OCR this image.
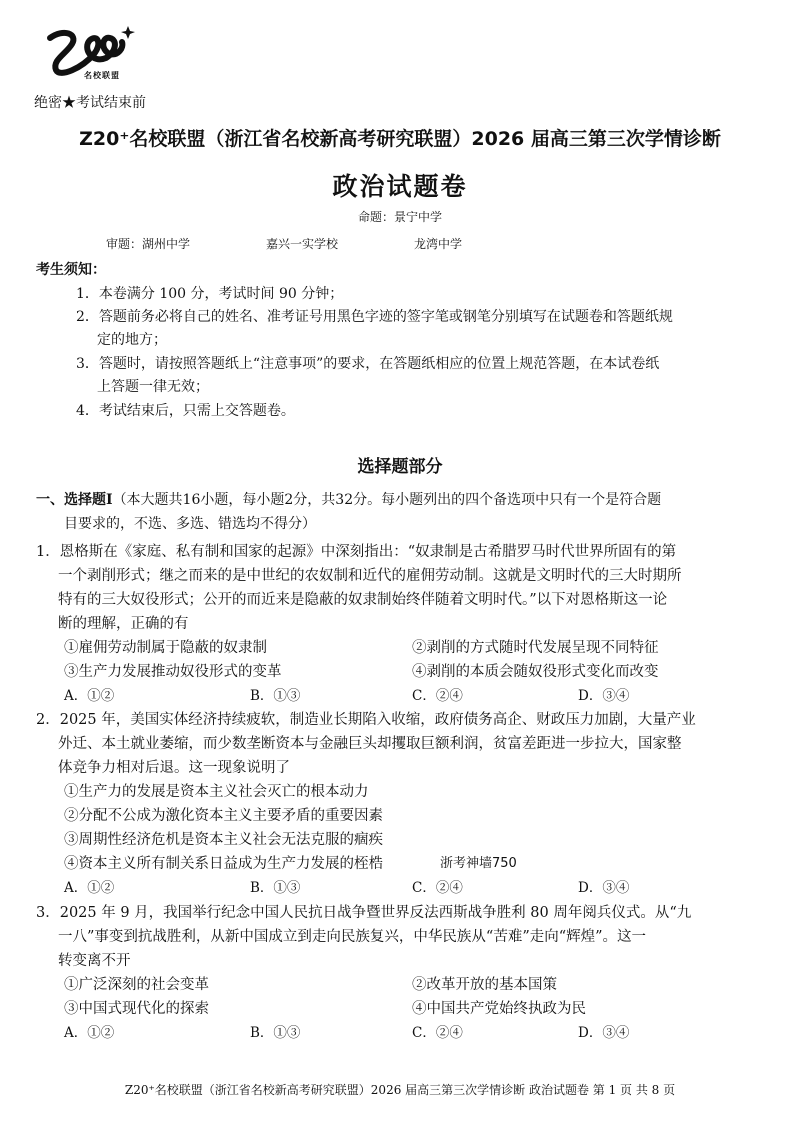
名校联盟
绝密★考试结束前
Z20⁺名校联盟（浙江省名校新高考研究联盟）2026 届高三第三次学情诊断
政治试题卷
命题：景宁中学
审题：湖州中学	嘉兴一实学校	龙湾中学
考生须知：
1．本卷满分 100 分，考试时间 90 分钟；
2．答题前务必将自己的姓名、准考证号用黑色字迹的签字笔或钢笔分别填写在试题卷和答题纸规
定的地方；
3．答题时，请按照答题纸上“注意事项”的要求，在答题纸相应的位置上规范答题，在本试卷纸
上答题一律无效；
4．考试结束后，只需上交答题卷。
选择题部分
一、选择题Ⅰ（本大题共16小题，每小题2分，共32分。每小题列出的四个备选项中只有一个是符合题
目要求的，不选、多选、错选均不得分）
1．恩格斯在《家庭、私有制和国家的起源》中深刻指出：“奴隶制是古希腊罗马时代世界所固有的第
一个剥削形式；继之而来的是中世纪的农奴制和近代的雇佣劳动制。这就是文明时代的三大时期所
特有的三大奴役形式；公开的而近来是隐蔽的奴隶制始终伴随着文明时代。”以下对恩格斯这一论
断的理解，正确的有
①雇佣劳动制属于隐蔽的奴隶制	②剥削的方式随时代发展呈现不同特征
③生产力发展推动奴役形式的变革	④剥削的本质会随奴役形式变化而改变
A．①②	B．①③	C．②④	D．③④
2．2025 年，美国实体经济持续疲软，制造业长期陷入收缩，政府债务高企、财政压力加剧，大量产业
外迁、本土就业萎缩，而少数垄断资本与金融巨头却攫取巨额利润，贫富差距进一步拉大，国家整
体竞争力相对后退。这一现象说明了
①生产力的发展是资本主义社会灭亡的根本动力
②分配不公成为激化资本主义主要矛盾的重要因素
③周期性经济危机是资本主义社会无法克服的痼疾
④资本主义所有制关系日益成为生产力发展的桎梏	浙考神墙750
A．①②	B．①③	C．②④	D．③④
3．2025 年 9 月，我国举行纪念中国人民抗日战争暨世界反法西斯战争胜利 80 周年阅兵仪式。从“九
一八”事变到抗战胜利，从新中国成立到走向民族复兴，中华民族从“苦难”走向“辉煌”。这一
转变离不开
①广泛深刻的社会变革	②改革开放的基本国策
③中国式现代化的探索	④中国共产党始终执政为民
A．①②	B．①③	C．②④	D．③④
Z20⁺名校联盟（浙江省名校新高考研究联盟）2026 届高三第三次学情诊断 政治试题卷 第 1 页 共 8 页
